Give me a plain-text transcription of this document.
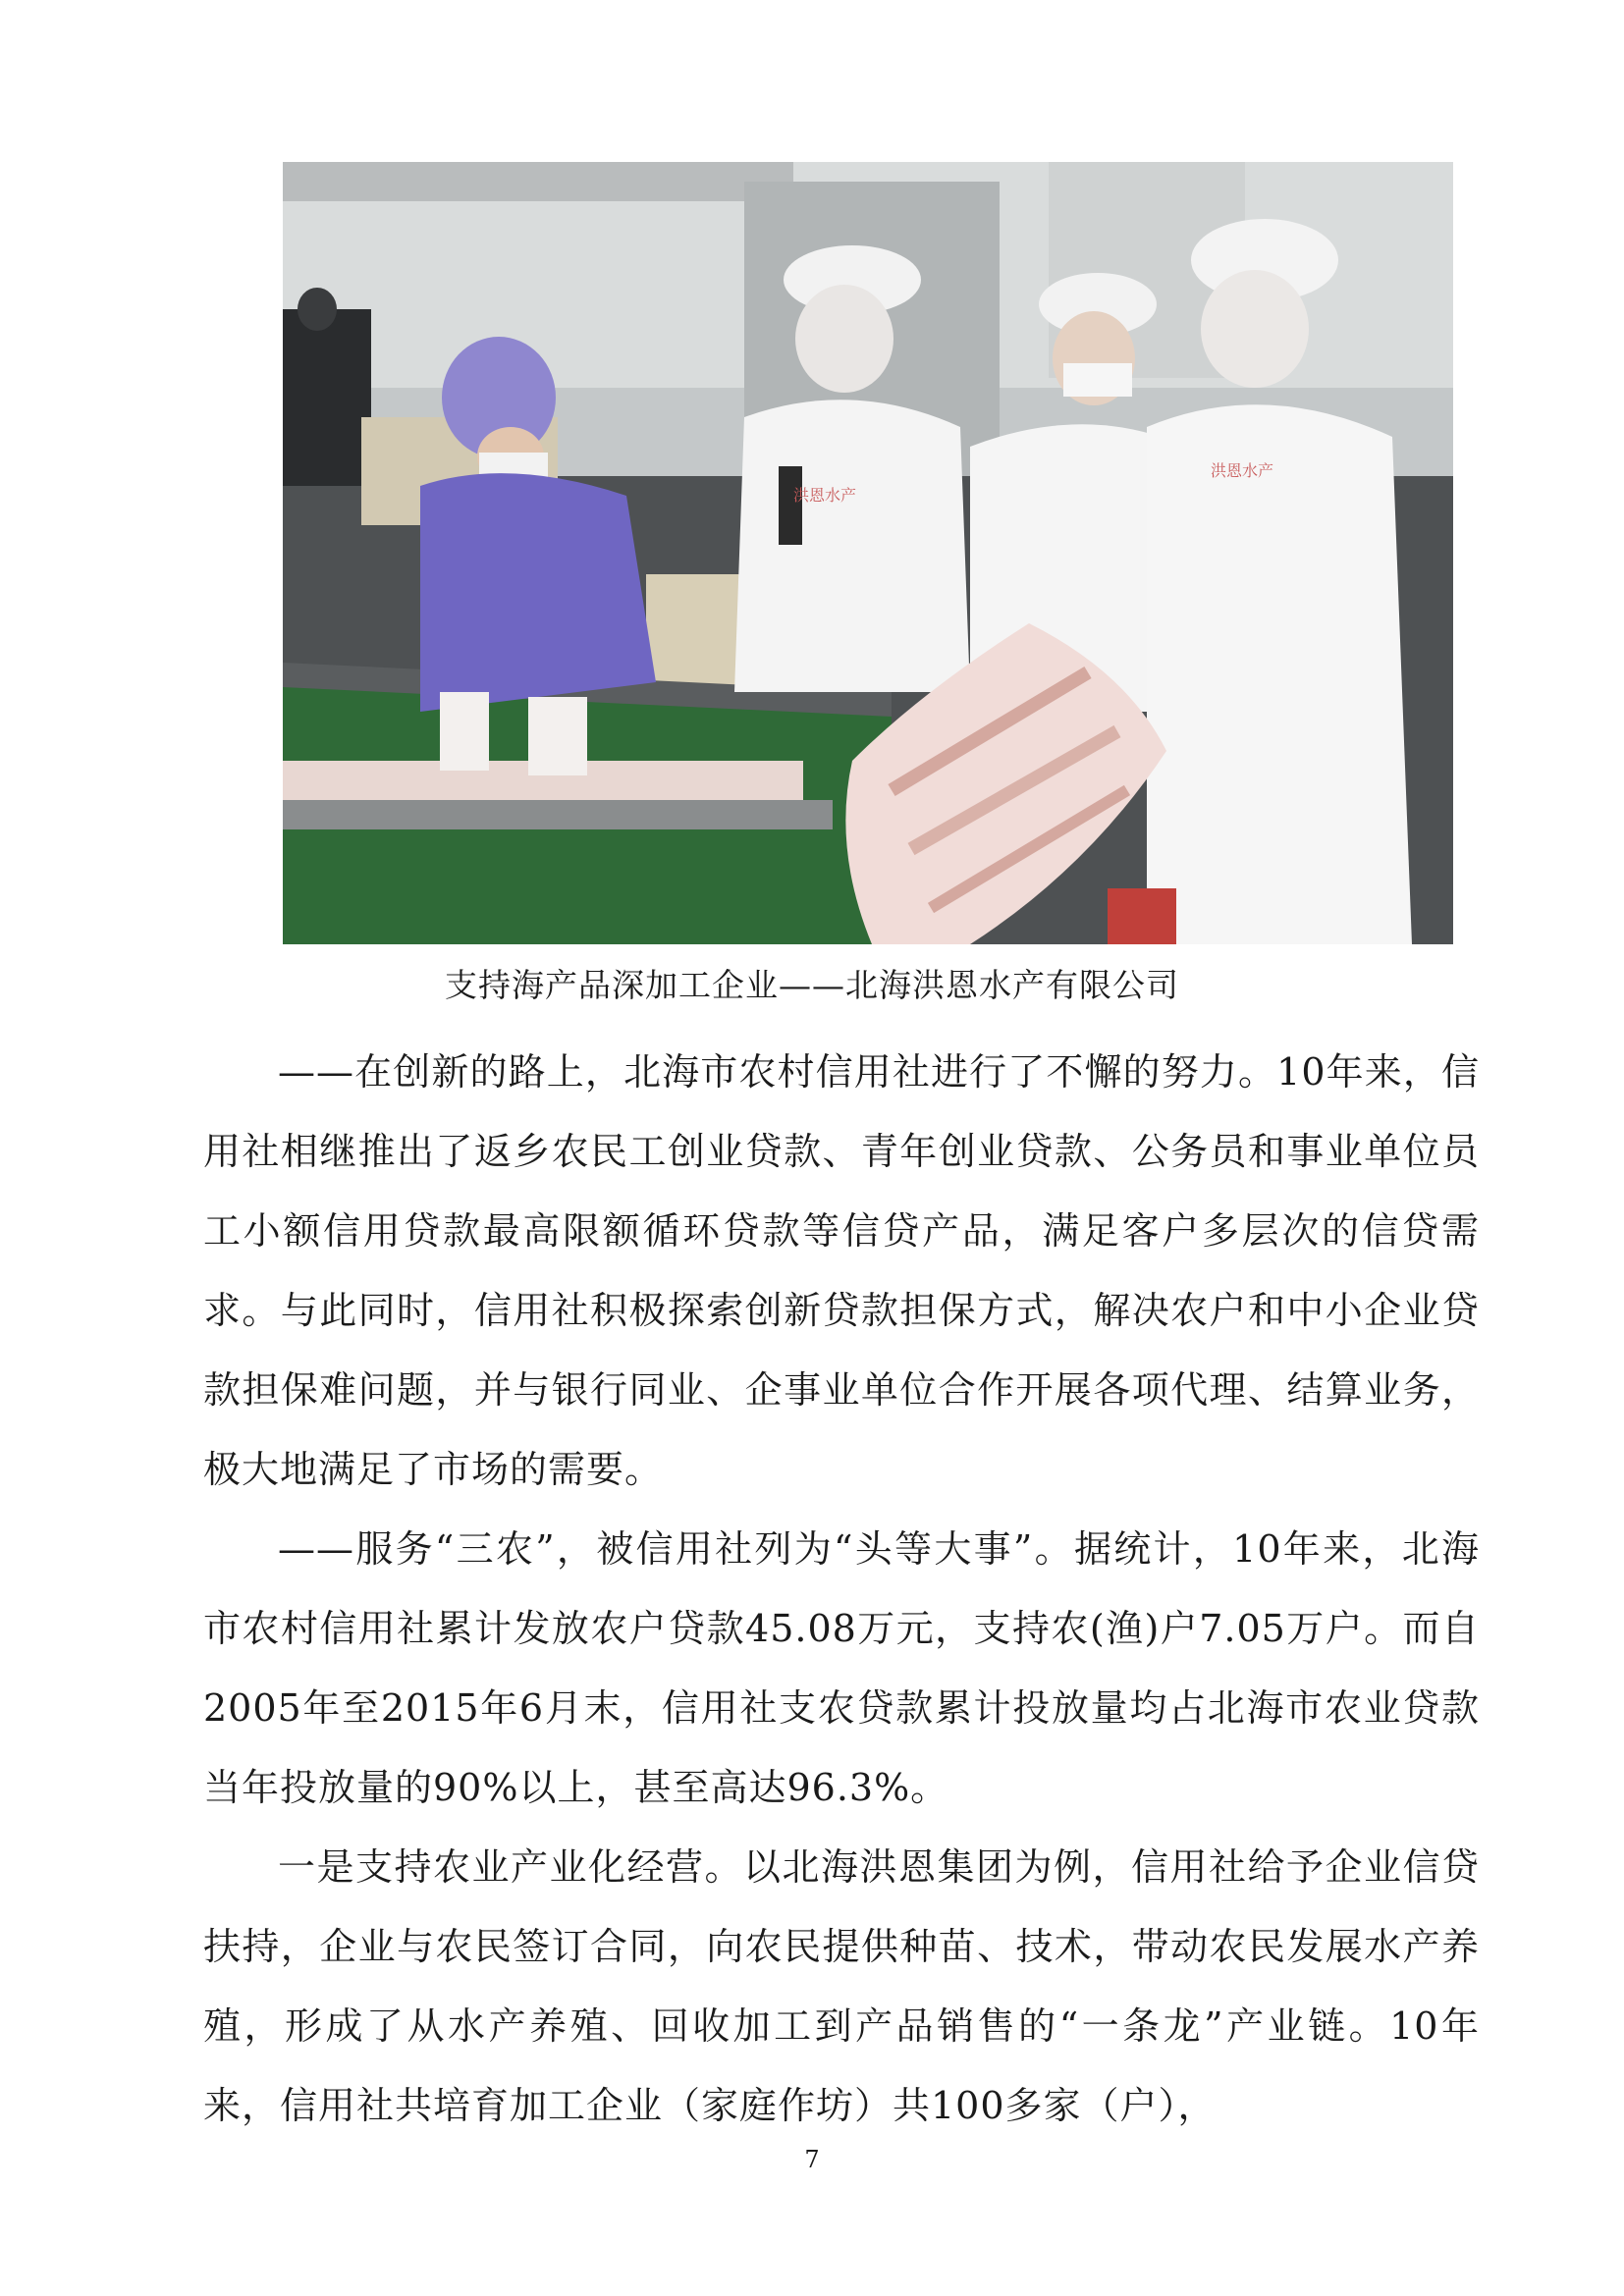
洪恩水产
洪恩水产
支持海产品深加工企业——北海洪恩水产有限公司

——在创新的路上，北海市农村信用社进行了不懈的努力。10年来，信用社相继推出了返乡农民工创业贷款、青年创业贷款、公务员和事业单位员工小额信用贷款最高限额循环贷款等信贷产品，满足客户多层次的信贷需求。与此同时，信用社积极探索创新贷款担保方式，解决农户和中小企业贷款担保难问题，并与银行同业、企事业单位合作开展各项代理、结算业务，极大地满足了市场的需要。

——服务“三农”，被信用社列为“头等大事”。据统计，10年来，北海市农村信用社累计发放农户贷款45.08万元，支持农(渔)户7.05万户。而自2005年至2015年6月末，信用社支农贷款累计投放量均占北海市农业贷款当年投放量的90%以上，甚至高达96.3%。

一是支持农业产业化经营。以北海洪恩集团为例，信用社给予企业信贷扶持，企业与农民签订合同，向农民提供种苗、技术，带动农民发展水产养殖，形成了从水产养殖、回收加工到产品销售的“一条龙”产业链。10年来，信用社共培育加工企业（家庭作坊）共100多家（户），

7
